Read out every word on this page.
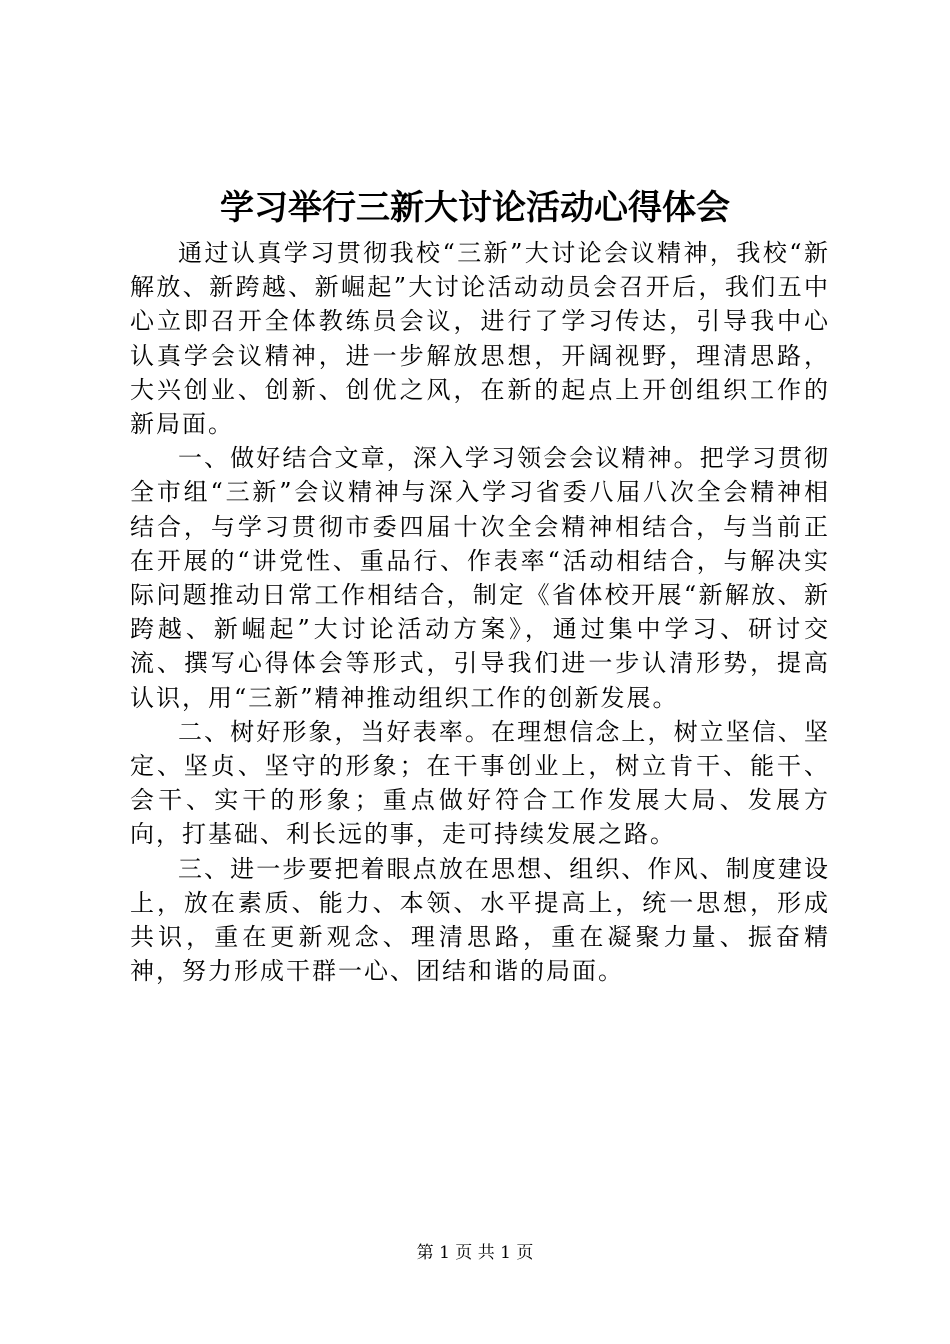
学习举行三新大讨论活动心得体会

通过认真学习贯彻我校“三新”大讨论会议精神，我校“新解放、新跨越、新崛起”大讨论活动动员会召开后，我们五中心立即召开全体教练员会议，进行了学习传达，引导我中心认真学会议精神，进一步解放思想，开阔视野，理清思路，大兴创业、创新、创优之风，在新的起点上开创组织工作的新局面。

一、做好结合文章，深入学习领会会议精神。把学习贯彻全市组“三新”会议精神与深入学习省委八届八次全会精神相结合，与学习贯彻市委四届十次全会精神相结合，与当前正在开展的“讲党性、重品行、作表率“活动相结合，与解决实际问题推动日常工作相结合，制定《省体校开展“新解放、新跨越、新崛起”大讨论活动方案》，通过集中学习、研讨交流、撰写心得体会等形式，引导我们进一步认清形势，提高认识，用“三新”精神推动组织工作的创新发展。

二、树好形象，当好表率。在理想信念上，树立坚信、坚定、坚贞、坚守的形象；在干事创业上，树立肯干、能干、会干、实干的形象；重点做好符合工作发展大局、发展方向，打基础、利长远的事，走可持续发展之路。

三、进一步要把着眼点放在思想、组织、作风、制度建设上，放在素质、能力、本领、水平提高上，统一思想，形成共识，重在更新观念、理清思路，重在凝聚力量、振奋精神，努力形成干群一心、团结和谐的局面。

第 1 页 共 1 页
